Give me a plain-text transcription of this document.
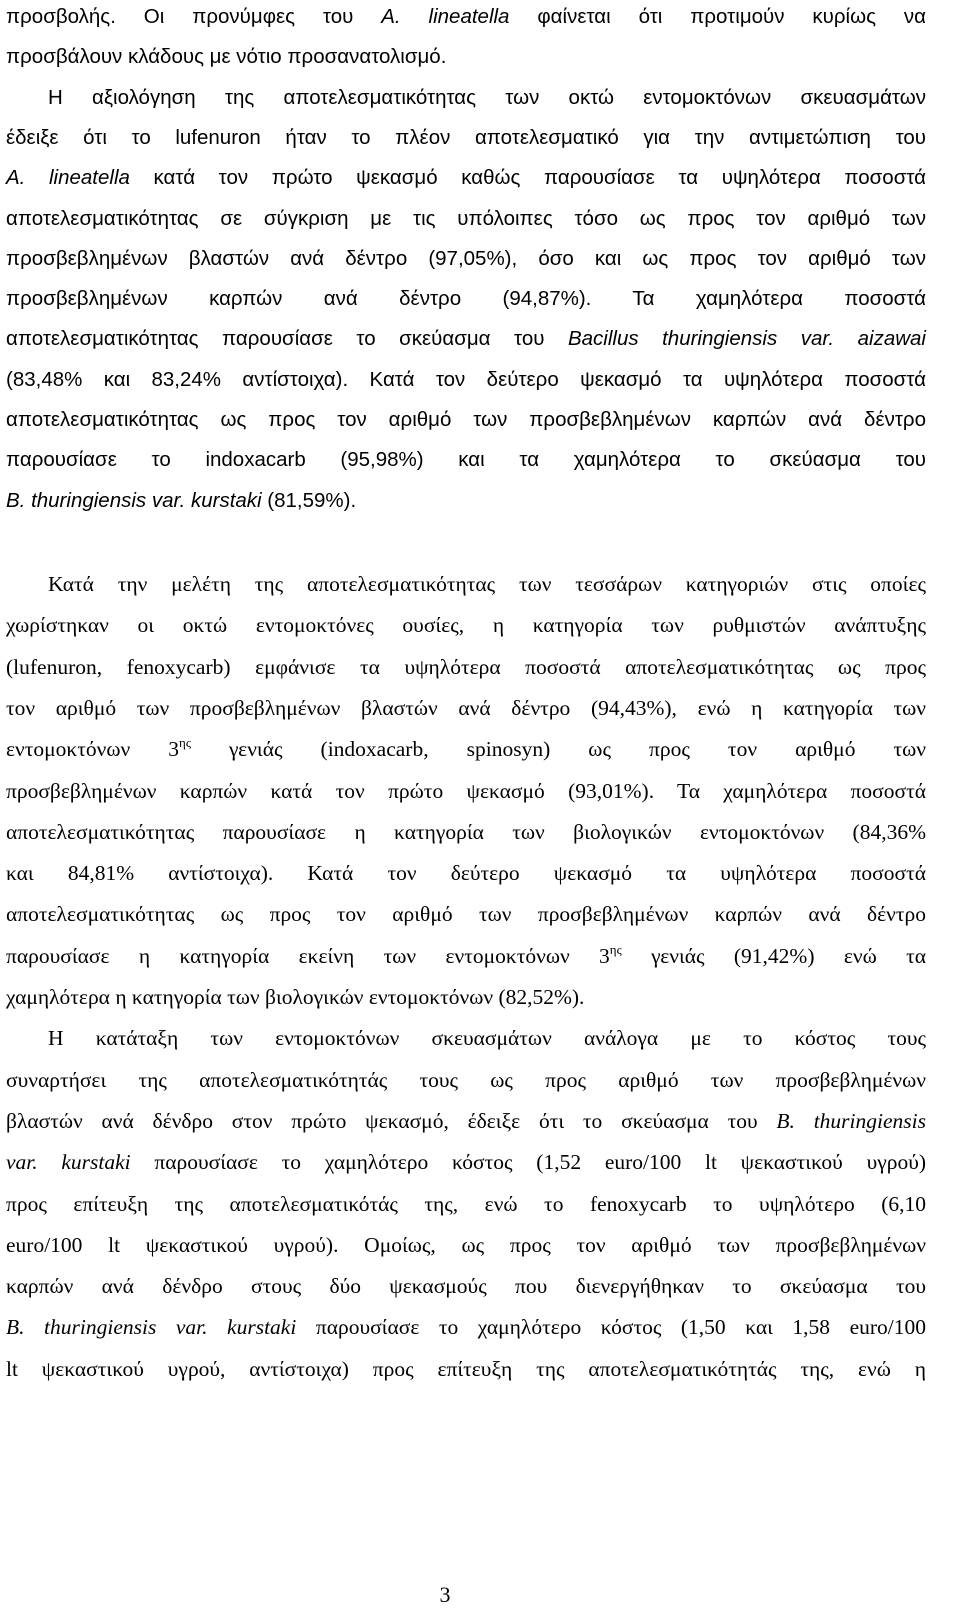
προσβολής. Οι προνύμφες του A. lineatella φαίνεται ότι προτιμούν κυρίως να
προσβάλουν κλάδους με νότιο προσανατολισμό.
Η αξιολόγηση της αποτελεσματικότητας των οκτώ εντομοκτόνων σκευασμάτων
έδειξε ότι το lufenuron ήταν το πλέον αποτελεσματικό για την αντιμετώπιση του
A. lineatella κατά τον πρώτο ψεκασμό καθώς παρουσίασε τα υψηλότερα ποσοστά
αποτελεσματικότητας σε σύγκριση με τις υπόλοιπες τόσο ως προς τον αριθμό των
προσβεβλημένων βλαστών ανά δέντρο (97,05%), όσο και ως προς τον αριθμό των
προσβεβλημένων καρπών ανά δέντρο (94,87%). Τα χαμηλότερα ποσοστά
αποτελεσματικότητας παρουσίασε το σκεύασμα του Bacillus thuringiensis var. aizawai
(83,48% και 83,24% αντίστοιχα). Κατά τον δεύτερο ψεκασμό τα υψηλότερα ποσοστά
αποτελεσματικότητας ως προς τον αριθμό των προσβεβλημένων καρπών ανά δέντρο
παρουσίασε το indoxacarb (95,98%) και τα χαμηλότερα το σκεύασμα του
B. thuringiensis var. kurstaki (81,59%).
Κατά την μελέτη της αποτελεσματικότητας των τεσσάρων κατηγοριών στις οποίες
χωρίστηκαν οι οκτώ εντομοκτόνες ουσίες, η κατηγορία των ρυθμιστών ανάπτυξης
(lufenuron, fenoxycarb) εμφάνισε τα υψηλότερα ποσοστά αποτελεσματικότητας ως προς
τον αριθμό των προσβεβλημένων βλαστών ανά δέντρο (94,43%), ενώ η κατηγορία των
εντομοκτόνων $3^{\eta\varsigma}$ γενιάς (indoxacarb, spinosyn) ως προς τον αριθμό των
προσβεβλημένων καρπών κατά τον πρώτο ψεκασμό (93,01%). Τα χαμηλότερα ποσοστά
αποτελεσματικότητας παρουσίασε η κατηγορία των βιολογικών εντομοκτόνων (84,36%
και 84,81% αντίστοιχα). Κατά τον δεύτερο ψεκασμό τα υψηλότερα ποσοστά
αποτελεσματικότητας ως προς τον αριθμό των προσβεβλημένων καρπών ανά δέντρο
παρουσίασε η κατηγορία εκείνη των εντομοκτόνων $3^{\eta\varsigma}$ γενιάς (91,42%) ενώ τα
χαμηλότερα η κατηγορία των βιολογικών εντομοκτόνων (82,52%).
Η κατάταξη των εντομοκτόνων σκευασμάτων ανάλογα με το κόστος τους
συναρτήσει της αποτελεσματικότητάς τους ως προς αριθμό των προσβεβλημένων
βλαστών ανά δένδρο στον πρώτο ψεκασμό, έδειξε ότι το σκεύασμα του B. thuringiensis
var. kurstaki παρουσίασε το χαμηλότερο κόστος (1,52 euro/100 lt ψεκαστικού υγρού)
προς επίτευξη της αποτελεσματικότάς της, ενώ το fenoxycarb το υψηλότερο (6,10
euro/100 lt ψεκαστικού υγρού). Ομοίως, ως προς τον αριθμό των προσβεβλημένων
καρπών ανά δένδρο στους δύο ψεκασμούς που διενεργήθηκαν το σκεύασμα του
B. thuringiensis var. kurstaki παρουσίασε το χαμηλότερο κόστος (1,50 και 1,58 euro/100
lt ψεκαστικού υγρού, αντίστοιχα) προς επίτευξη της αποτελεσματικότητάς της, ενώ η
3
